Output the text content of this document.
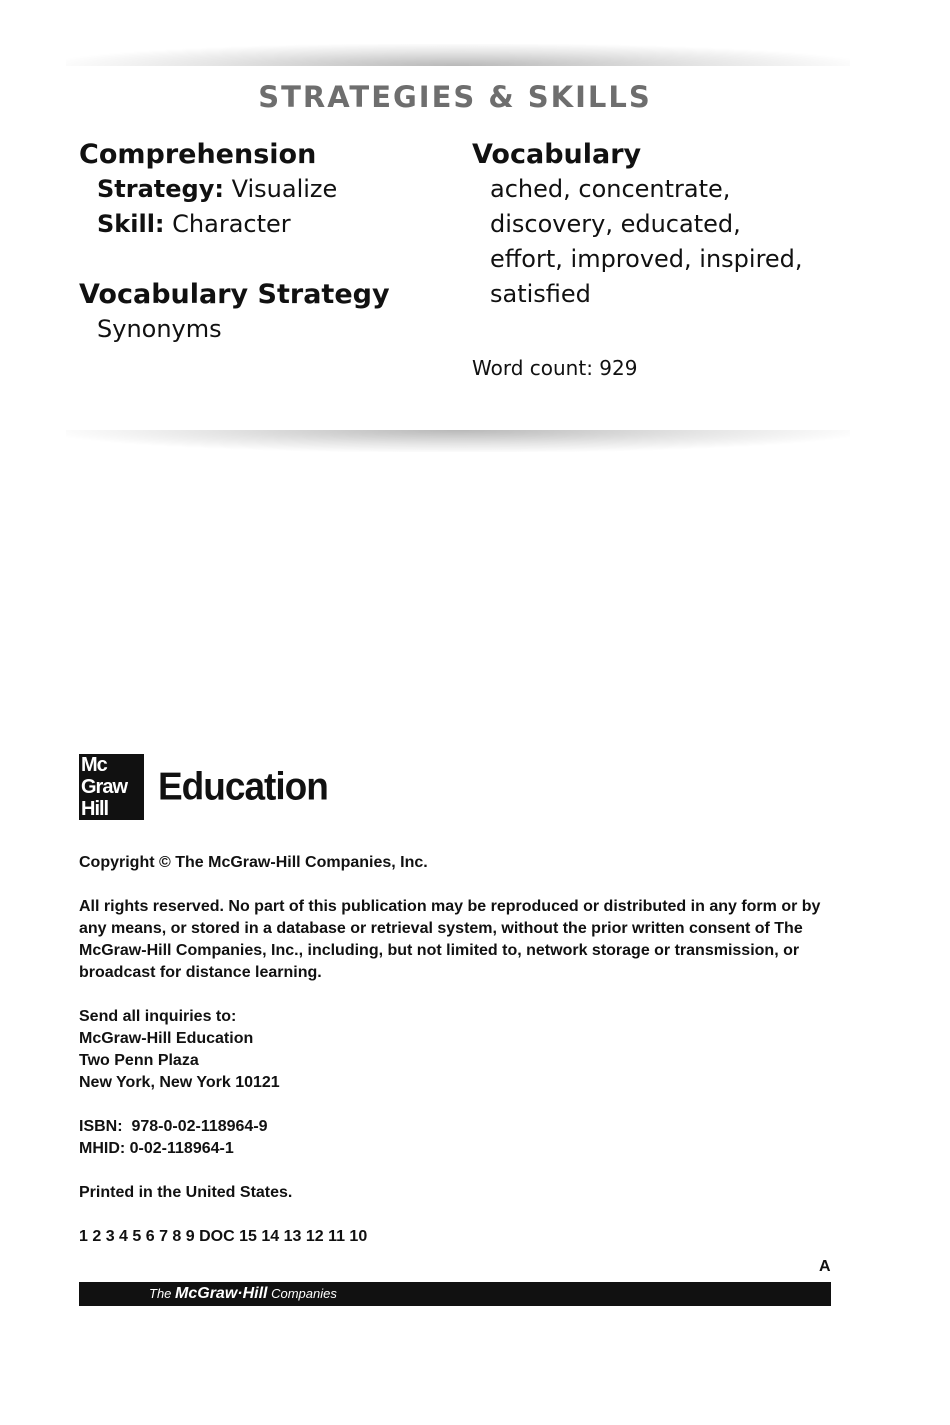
STRATEGIES & SKILLS
Comprehension
Strategy: Visualize
Skill: Character
Vocabulary Strategy
Synonyms
Vocabulary
ached, concentrate,
discovery, educated,
effort, improved, inspired,
satisfied
Word count: 929
Mc
Graw
Hill
Education

Copyright © The McGraw-Hill Companies, Inc.

All rights reserved. No part of this publication may be reproduced or distributed in any form or by any means, or stored in a database or retrieval system, without the prior written consent of The McGraw-Hill Companies, Inc., including, but not limited to, network storage or transmission, or broadcast for distance learning.

Send all inquiries to:
McGraw-Hill Education
Two Penn Plaza
New York, New York 10121

ISBN:  978-0-02-118964-9
MHID: 0-02-118964-1

Printed in the United States.

1 2 3 4 5 6 7 8 9 DOC 15 14 13 12 11 10

A
The McGraw·Hill Companies
